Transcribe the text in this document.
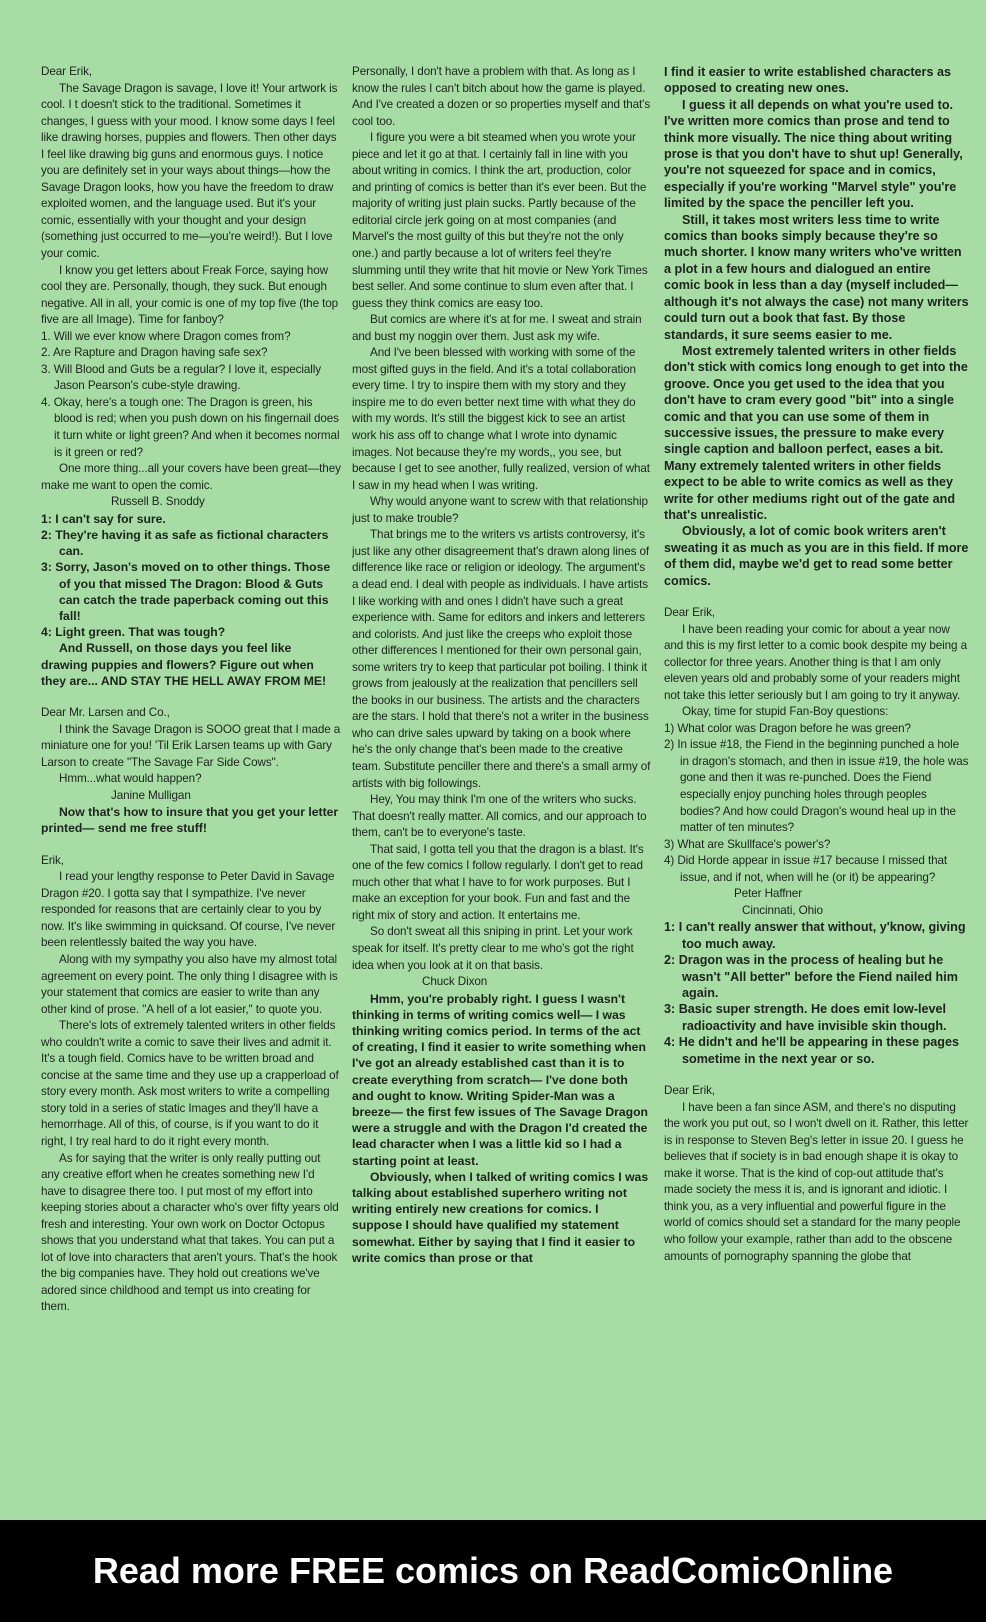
Dear Erik,

The Savage Dragon is savage, I love it! Your artwork is cool. I t doesn't stick to the traditional. Sometimes it changes, I guess with your mood. I know some days I feel like drawing horses, puppies and flowers. Then other days I feel like drawing big guns and enormous guys. I notice you are definitely set in your ways about things—how the Savage Dragon looks, how you have the freedom to draw exploited women, and the language used. But it's your comic, essentially with your thought and your design (something just occurred to me—you're weird!). But I love your comic.

I know you get letters about Freak Force, saying how cool they are. Personally, though, they suck. But enough negative. All in all, your comic is one of my top five (the top five are all Image). Time for fanboy?

1. Will we ever know where Dragon comes from?

2. Are Rapture and Dragon having safe sex?

3. Will Blood and Guts be a regular? I love it, especially Jason Pearson's cube-style drawing.

4. Okay, here's a tough one: The Dragon is green, his blood is red; when you push down on his fingernail does it turn white or light green? And when it becomes normal is it green or red?

One more thing...all your covers have been great—they make me want to open the comic.

Russell B. Snoddy

1: I can't say for sure.

2: They're having it as safe as fictional characters can.

3: Sorry, Jason's moved on to other things. Those of you that missed The Dragon: Blood & Guts can catch the trade paperback coming out this fall!

4: Light green. That was tough?

And Russell, on those days you feel like drawing puppies and flowers? Figure out when they are... AND STAY THE HELL AWAY FROM ME!

Dear Mr. Larsen and Co.,

I think the Savage Dragon is SOOO great that I made a miniature one for you! 'Til Erik Larsen teams up with Gary Larson to create "The Savage Far Side Cows".

Hmm...what would happen?

Janine Mulligan

Now that's how to insure that you get your letter printed— send me free stuff!

Erik,

I read your lengthy response to Peter David in Savage Dragon #20. I gotta say that I sympathize. I've never responded for reasons that are certainly clear to you by now. It's like swimming in quicksand. Of course, I've never been relentlessly baited the way you have.

Along with my sympathy you also have my almost total agreement on every point. The only thing I disagree with is your statement that comics are easier to write than any other kind of prose. "A hell of a lot easier," to quote you.

There's lots of extremely talented writers in other fields who couldn't write a comic to save their lives and admit it. It's a tough field. Comics have to be written broad and concise at the same time and they use up a crapperload of story every month. Ask most writers to write a compelling story told in a series of static Images and they'll have a hemorrhage. All of this, of course, is if you want to do it right, I try real hard to do it right every month.

As for saying that the writer is only really putting out any creative effort when he creates something new I'd have to disagree there too. I put most of my effort into keeping stories about a character who's over fifty years old fresh and interesting. Your own work on Doctor Octopus shows that you understand what that takes. You can put a lot of love into characters that aren't yours. That's the hook the big companies have. They hold out creations we've adored since childhood and tempt us into creating for them.

Personally, I don't have a problem with that. As long as I know the rules I can't bitch about how the game is played. And I've created a dozen or so properties myself and that's cool too.

I figure you were a bit steamed when you wrote your piece and let it go at that. I certainly fall in line with you about writing in comics. I think the art, production, color and printing of comics is better than it's ever been. But the majority of writing just plain sucks. Partly because of the editorial circle jerk going on at most companies (and Marvel's the most guilty of this but they're not the only one.) and partly because a lot of writers feel they're slumming until they write that hit movie or New York Times best seller. And some continue to slum even after that. I guess they think comics are easy too.

But comics are where it's at for me. I sweat and strain and bust my noggin over them. Just ask my wife.

And I've been blessed with working with some of the most gifted guys in the field. And it's a total collaboration every time. I try to inspire them with my story and they inspire me to do even better next time with what they do with my words. It's still the biggest kick to see an artist work his ass off to change what I wrote into dynamic images. Not because they're my words,, you see, but because I get to see another, fully realized, version of what I saw in my head when I was writing.

Why would anyone want to screw with that relationship just to make trouble?

That brings me to the writers vs artists controversy, it's just like any other disagreement that's drawn along lines of difference like race or religion or ideology. The argument's a dead end. I deal with people as individuals. I have artists I like working with and ones I didn't have such a great experience with. Same for editors and inkers and letterers and colorists. And just like the creeps who exploit those other differences I mentioned for their own personal gain, some writers try to keep that particular pot boiling. I think it grows from jealously at the realization that pencillers sell the books in our business. The artists and the characters are the stars. I hold that there's not a writer in the business who can drive sales upward by taking on a book where he's the only change that's been made to the creative team. Substitute penciller there and there's a small army of artists with big followings.

Hey, You may think I'm one of the writers who sucks. That doesn't really matter. All comics, and our approach to them, can't be to everyone's taste.

That said, I gotta tell you that the dragon is a blast. It's one of the few comics I follow regularly. I don't get to read much other that what I have to for work purposes. But I make an exception for your book. Fun and fast and the right mix of story and action. It entertains me.

So don't sweat all this sniping in print. Let your work speak for itself. It's pretty clear to me who's got the right idea when you look at it on that basis.

Chuck Dixon

Hmm, you're probably right. I guess I wasn't thinking in terms of writing comics well— I was thinking writing comics period. In terms of the act of creating, I find it easier to write something when I've got an already established cast than it is to create everything from scratch— I've done both and ought to know. Writing Spider-Man was a breeze— the first few issues of The Savage Dragon were a struggle and with the Dragon I'd created the lead character when I was a little kid so I had a starting point at least.

Obviously, when I talked of writing comics I was talking about established superhero writing not writing entirely new creations for comics. I suppose I should have qualified my statement somewhat. Either by saying that I find it easier to write comics than prose or that

I find it easier to write established characters as opposed to creating new ones.

I guess it all depends on what you're used to. I've written more comics than prose and tend to think more visually. The nice thing about writing prose is that you don't have to shut up! Generally, you're not squeezed for space and in comics, especially if you're working "Marvel style" you're limited by the space the penciller left you.

Still, it takes most writers less time to write comics than books simply because they're so much shorter. I know many writers who've written a plot in a few hours and dialogued an entire comic book in less than a day (myself included— although it's not always the case) not many writers could turn out a book that fast. By those standards, it sure seems easier to me.

Most extremely talented writers in other fields don't stick with comics long enough to get into the groove. Once you get used to the idea that you don't have to cram every good "bit" into a single comic and that you can use some of them in successive issues, the pressure to make every single caption and balloon perfect, eases a bit. Many extremely talented writers in other fields expect to be able to write comics as well as they write for other mediums right out of the gate and that's unrealistic.

Obviously, a lot of comic book writers aren't sweating it as much as you are in this field. If more of them did, maybe we'd get to read some better comics.

Dear Erik,

I have been reading your comic for about a year now and this is my first letter to a comic book despite my being a collector for three years. Another thing is that I am only eleven years old and probably some of your readers might not take this letter seriously but I am going to try it anyway.

Okay, time for stupid Fan-Boy questions:

1) What color was Dragon before he was green?

2) In issue #18, the Fiend in the beginning punched a hole in dragon's stomach, and then in issue #19, the hole was gone and then it was re-punched. Does the Fiend especially enjoy punching holes through peoples bodies? And how could Dragon's wound heal up in the matter of ten minutes?

3) What are Skullface's power's?

4) Did Horde appear in issue #17 because I missed that issue, and if not, when will he (or it) be appearing?

Peter Haffner

Cincinnati, Ohio

1: I can't really answer that without, y'know, giving too much away.

2: Dragon was in the process of healing but he wasn't "All better" before the Fiend nailed him again.

3: Basic super strength. He does emit low-level radioactivity and have invisible skin though.

4: He didn't and he'll be appearing in these pages sometime in the next year or so.

Dear Erik,

I have been a fan since ASM, and there's no disputing the work you put out, so I won't dwell on it. Rather, this letter is in response to Steven Beg's letter in issue 20. I guess he believes that if society is in bad enough shape it is okay to make it worse. That is the kind of cop-out attitude that's made society the mess it is, and is ignorant and idiotic. I think you, as a very influential and powerful figure in the world of comics should set a standard for the many people who follow your example, rather than add to the obscene amounts of pornography spanning the globe that

Read more FREE comics on ReadComicOnline
